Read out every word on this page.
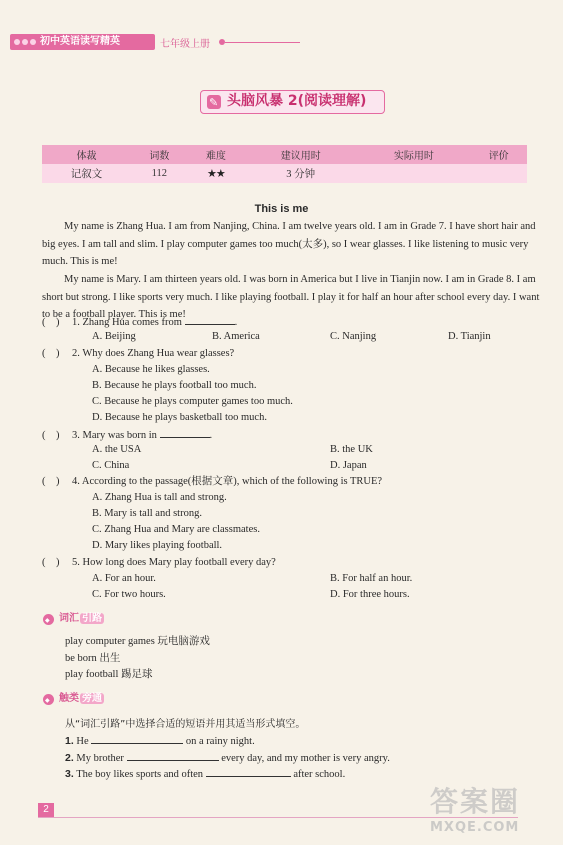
初中英语读写精英	七年级上册
✎
头脑风暴 2(阅读理解)
体裁	词数	难度	建议用时	实际用时	评价
记叙文	112	★★	3 分钟		
This is me
My name is Zhang Hua. I am from Nanjing, China. I am twelve years old. I am in Grade 7. I have short hair and big eyes. I am tall and slim. I play computer games too much(太多), so I wear glasses. I like listening to music very much. This is me!
My name is Mary. I am thirteen years old. I was born in America but I live in Tianjin now. I am in Grade 8. I am short but strong. I like sports very much. I like playing football. I play it for half an hour after school every day. I want to be a football player. This is me!
( ) 1. Zhang Hua comes from	.
A. Beijing	B. America	C. Nanjing	D. Tianjin
( ) 2. Why does Zhang Hua wear glasses?
A. Because he likes glasses.
B. Because he plays football too much.
C. Because he plays computer games too much.
D. Because he plays basketball too much.
( ) 3. Mary was born in	.
A. the USA	B. the UK
C. China	D. Japan
( ) 4. According to the passage(根据文章), which of the following is TRUE?
A. Zhang Hua is tall and strong.
B. Mary is tall and strong.
C. Zhang Hua and Mary are classmates.
D. Mary likes playing football.
( ) 5. How long does Mary play football every day?
A. For an hour.	B. For half an hour.
C. For two hours.	D. For three hours.
◆
词汇 引路
play computer games 玩电脑游戏
be born 出生
play football 踢足球
◆
触类 旁通
从“词汇引路”中选择合适的短语并用其适当形式填空。
1. He	on a rainy night.
2. My brother	every day, and my mother is very angry.
3. The boy likes sports and often	after school.
2	答案圈
MXQE.COM
